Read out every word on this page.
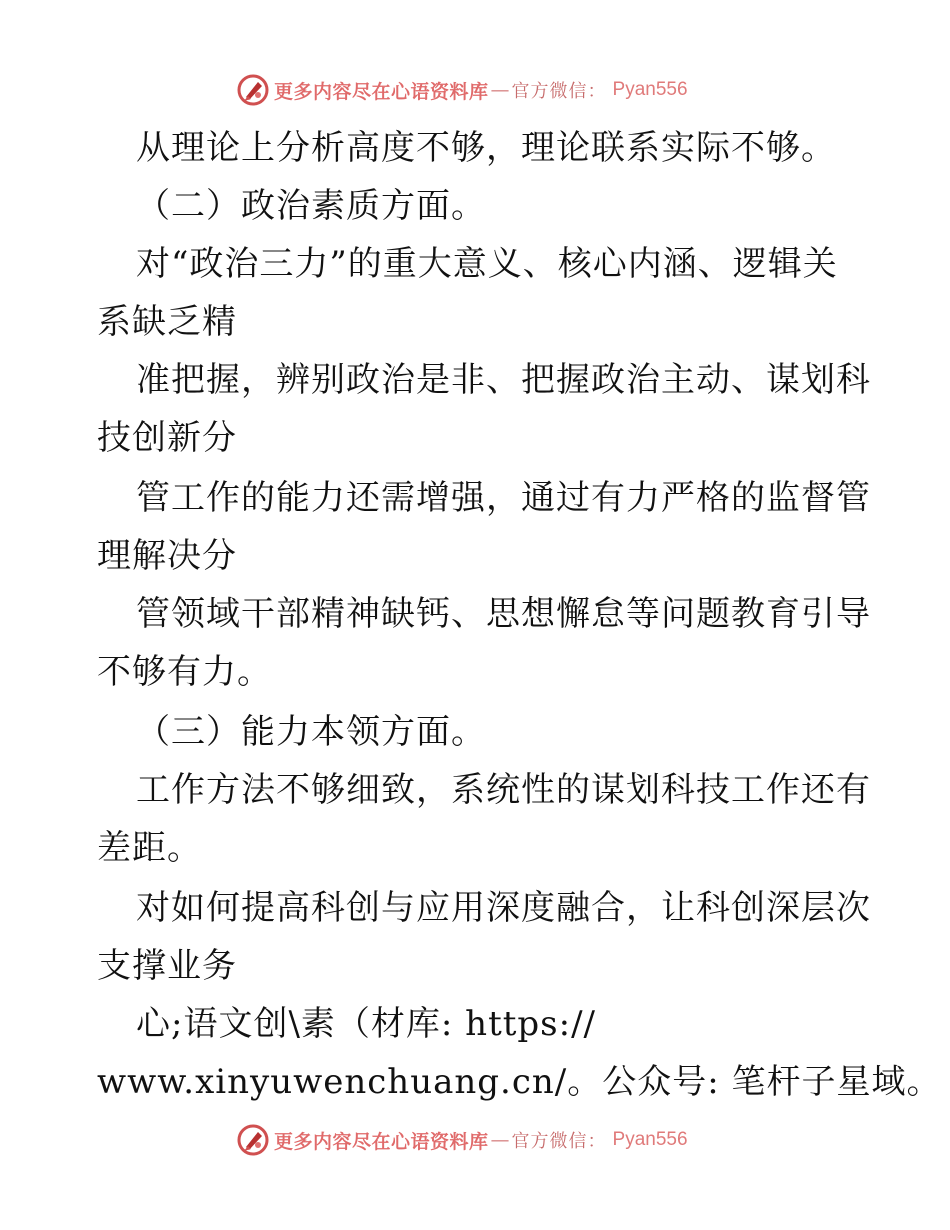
更多内容尽在心语资料库 — 官方微信： Pyan556
从理论上分析高度不够，理论联系实际不够。
（二）政治素质方面。
对“政治三力”的重大意义、核心内涵、逻辑关
系缺乏精
准把握，辨别政治是非、把握政治主动、谋划科
技创新分
管工作的能力还需增强，通过有力严格的监督管
理解决分
管领域干部精神缺钙、思想懈怠等问题教育引导
不够有力。
（三）能力本领方面。
工作方法不够细致，系统性的谋划科技工作还有
差距。
对如何提高科创与应用深度融合，让科创深层次
支撑业务
心;语文创\素（材库: https://
www.xinyuwenchuang.cn/。公众号: 笔杆子星域。
更多内容尽在心语资料库 — 官方微信： Pyan556
